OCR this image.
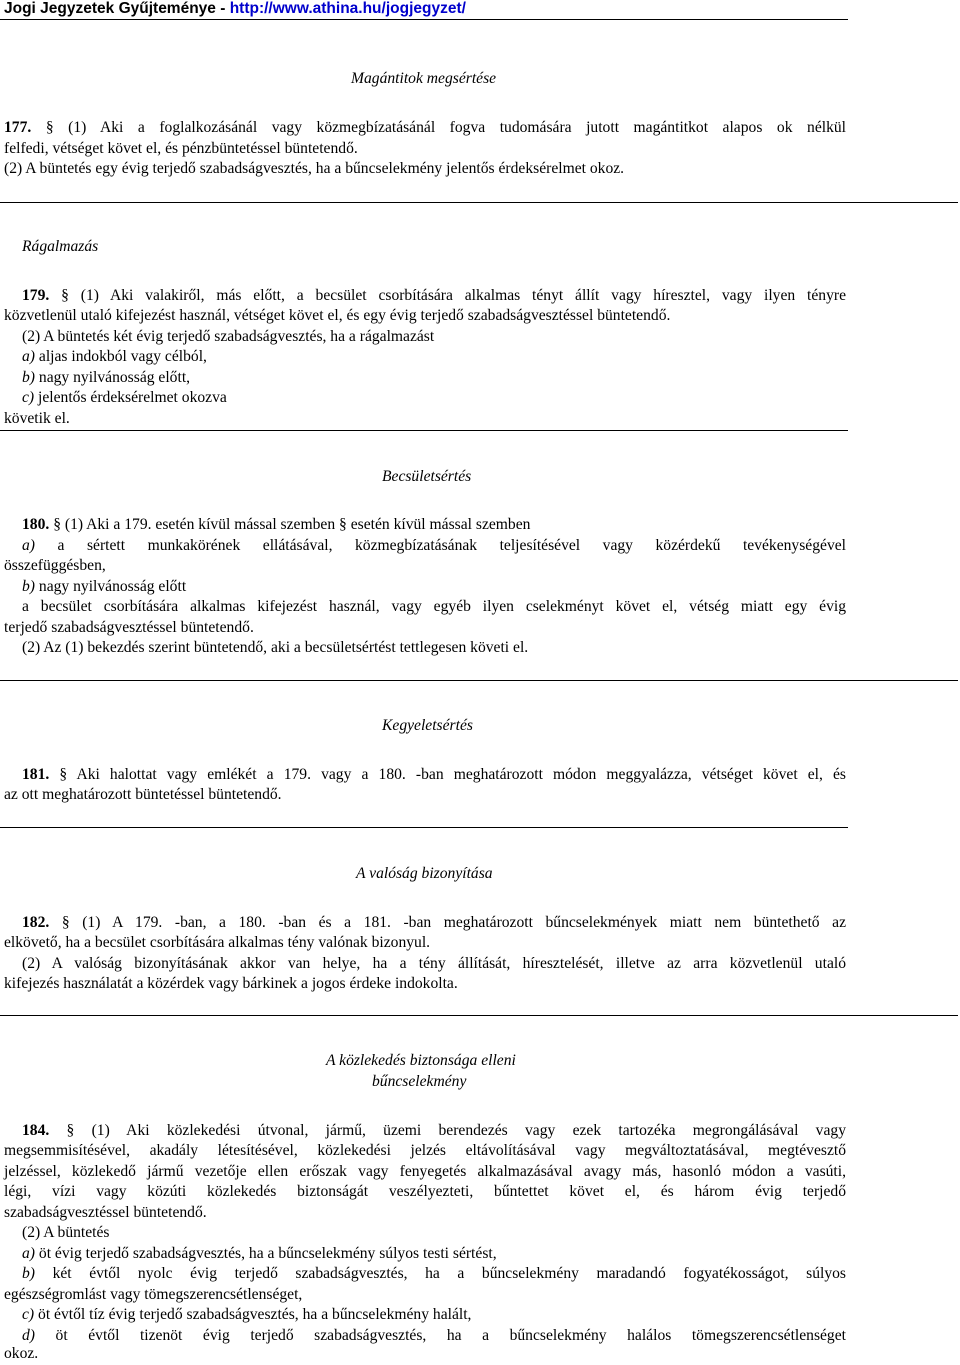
Jogi Jegyzetek Gyűjteménye - http://www.athina.hu/jogjegyzet/
Magántitok megsértése
177. § (1) Aki a foglalkozásánál vagy közmegbízatásánál fogva tudomására jutott magántitkot alapos ok nélkül
felfedi, vétséget követ el, és pénzbüntetéssel büntetendő.
(2) A büntetés egy évig terjedő szabadságvesztés, ha a bűncselekmény jelentős érdeksérelmet okoz.
Rágalmazás
179. § (1) Aki valakiről, más előtt, a becsület csorbítására alkalmas tényt állít vagy híresztel, vagy ilyen tényre
közvetlenül utaló kifejezést használ, vétséget követ el, és egy évig terjedő szabadságvesztéssel büntetendő.
(2) A büntetés két évig terjedő szabadságvesztés, ha a rágalmazást
a) aljas indokból vagy célból,
b) nagy nyilvánosság előtt,
c) jelentős érdeksérelmet okozva
követik el.
Becsületsértés
180. § (1) Aki a 179. esetén kívül mással szemben § esetén kívül mással szemben
a) a sértett munkakörének ellátásával, közmegbízatásának teljesítésével vagy közérdekű tevékenységével
összefüggésben,
b) nagy nyilvánosság előtt
a becsület csorbítására alkalmas kifejezést használ, vagy egyéb ilyen cselekményt követ el, vétség miatt egy évig
terjedő szabadságvesztéssel büntetendő.
(2) Az (1) bekezdés szerint büntetendő, aki a becsületsértést tettlegesen követi el.
Kegyeletsértés
181. § Aki halottat vagy emlékét a 179. vagy a 180. -ban meghatározott módon meggyalázza, vétséget követ el, és
az ott meghatározott büntetéssel büntetendő.
A valóság bizonyítása
182. § (1) A 179. -ban, a 180. -ban és a 181. -ban meghatározott bűncselekmények miatt nem büntethető az
elkövető, ha a becsület csorbítására alkalmas tény valónak bizonyul.
(2) A valóság bizonyításának akkor van helye, ha a tény állítását, híresztelését, illetve az arra közvetlenül utaló
kifejezés használatát a közérdek vagy bárkinek a jogos érdeke indokolta.
A közlekedés biztonsága elleni
bűncselekmény
184. § (1) Aki közlekedési útvonal, jármű, üzemi berendezés vagy ezek tartozéka megrongálásával vagy
megsemmisítésével, akadály létesítésével, közlekedési jelzés eltávolításával vagy megváltoztatásával, megtévesztő
jelzéssel, közlekedő jármű vezetője ellen erőszak vagy fenyegetés alkalmazásával avagy más, hasonló módon a vasúti,
légi, vízi vagy közúti közlekedés biztonságát veszélyezteti, bűntettet követ el, és három évig terjedő
szabadságvesztéssel büntetendő.
(2) A büntetés
a) öt évig terjedő szabadságvesztés, ha a bűncselekmény súlyos testi sértést,
b) két évtől nyolc évig terjedő szabadságvesztés, ha a bűncselekmény maradandó fogyatékosságot, súlyos
egészségromlást vagy tömegszerencsétlenséget,
c) öt évtől tíz évig terjedő szabadságvesztés, ha a bűncselekmény halált,
d) öt évtől tizenöt évig terjedő szabadságvesztés, ha a bűncselekmény halálos tömegszerencsétlenséget
okoz.
